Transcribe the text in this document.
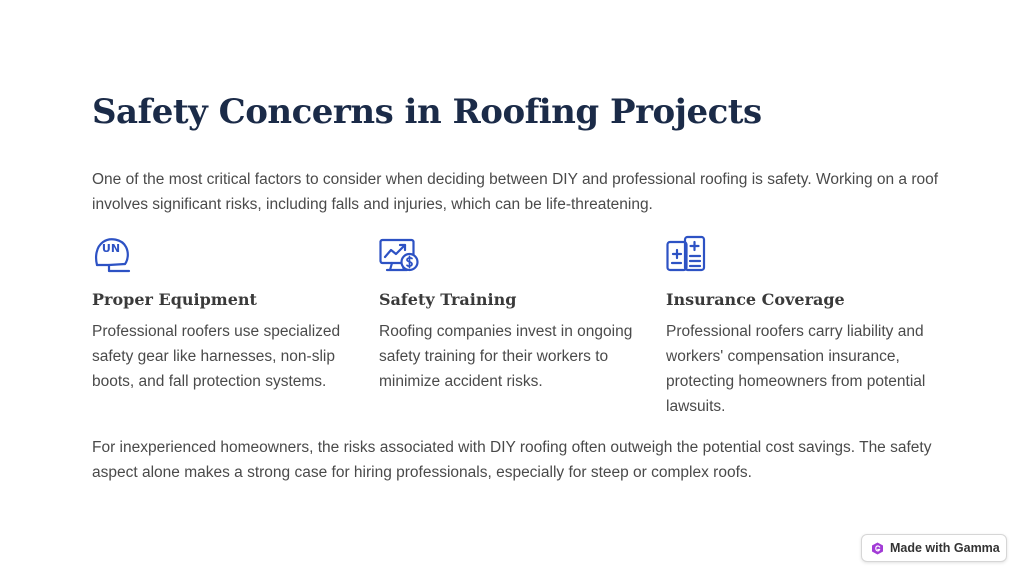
Safety Concerns in Roofing Projects

One of the most critical factors to consider when deciding between DIY and professional roofing is safety. Working on a roof involves significant risks, including falls and injuries, which can be life-threatening.

UN
Proper Equipment

Professional roofers use specialized safety gear like harnesses, non-slip boots, and fall protection systems.

Safety Training

Roofing companies invest in ongoing safety training for their workers to minimize accident risks.

Insurance Coverage

Professional roofers carry liability and workers' compensation insurance, protecting homeowners from potential lawsuits.

For inexperienced homeowners, the risks associated with DIY roofing often outweigh the potential cost savings. The safety aspect alone makes a strong case for hiring professionals, especially for steep or complex roofs.

Made with Gamma
